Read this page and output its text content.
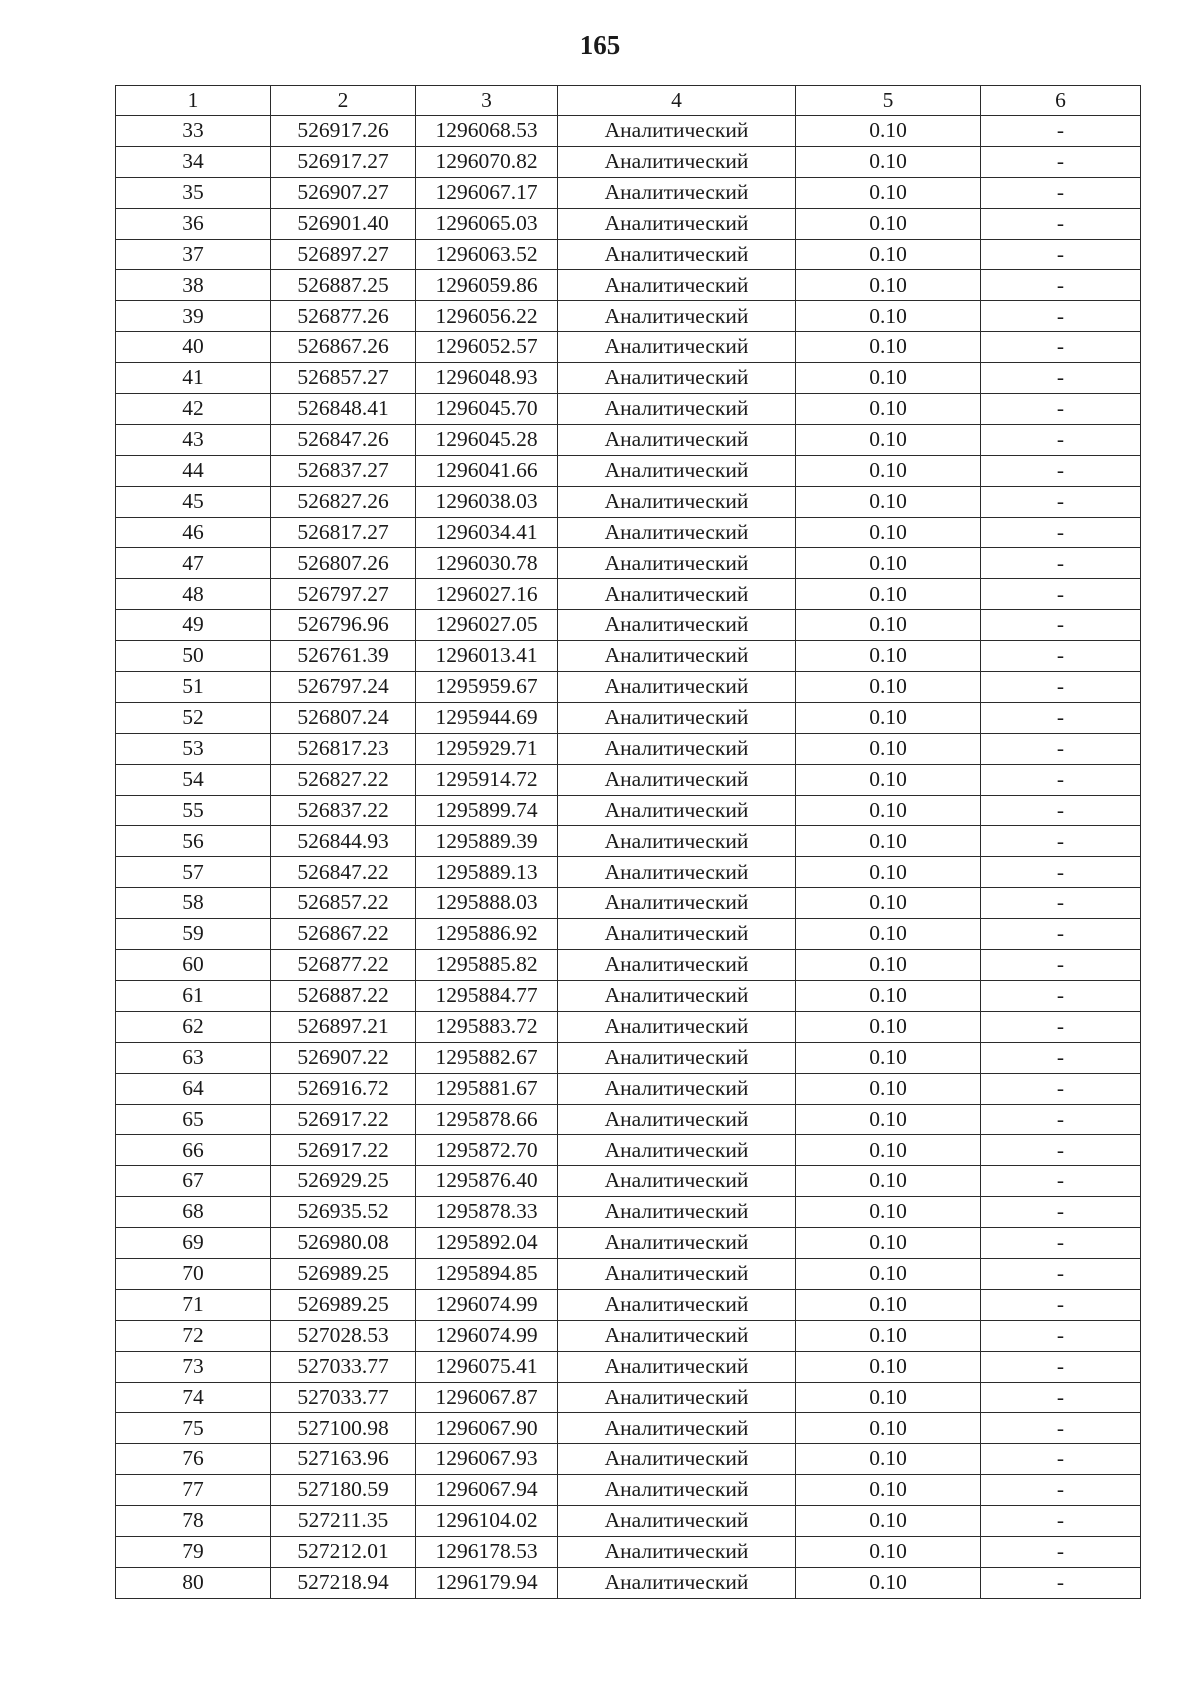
165
1	2	3	4	5	6
33	526917.26	1296068.53	Аналитический	0.10	-
34	526917.27	1296070.82	Аналитический	0.10	-
35	526907.27	1296067.17	Аналитический	0.10	-
36	526901.40	1296065.03	Аналитический	0.10	-
37	526897.27	1296063.52	Аналитический	0.10	-
38	526887.25	1296059.86	Аналитический	0.10	-
39	526877.26	1296056.22	Аналитический	0.10	-
40	526867.26	1296052.57	Аналитический	0.10	-
41	526857.27	1296048.93	Аналитический	0.10	-
42	526848.41	1296045.70	Аналитический	0.10	-
43	526847.26	1296045.28	Аналитический	0.10	-
44	526837.27	1296041.66	Аналитический	0.10	-
45	526827.26	1296038.03	Аналитический	0.10	-
46	526817.27	1296034.41	Аналитический	0.10	-
47	526807.26	1296030.78	Аналитический	0.10	-
48	526797.27	1296027.16	Аналитический	0.10	-
49	526796.96	1296027.05	Аналитический	0.10	-
50	526761.39	1296013.41	Аналитический	0.10	-
51	526797.24	1295959.67	Аналитический	0.10	-
52	526807.24	1295944.69	Аналитический	0.10	-
53	526817.23	1295929.71	Аналитический	0.10	-
54	526827.22	1295914.72	Аналитический	0.10	-
55	526837.22	1295899.74	Аналитический	0.10	-
56	526844.93	1295889.39	Аналитический	0.10	-
57	526847.22	1295889.13	Аналитический	0.10	-
58	526857.22	1295888.03	Аналитический	0.10	-
59	526867.22	1295886.92	Аналитический	0.10	-
60	526877.22	1295885.82	Аналитический	0.10	-
61	526887.22	1295884.77	Аналитический	0.10	-
62	526897.21	1295883.72	Аналитический	0.10	-
63	526907.22	1295882.67	Аналитический	0.10	-
64	526916.72	1295881.67	Аналитический	0.10	-
65	526917.22	1295878.66	Аналитический	0.10	-
66	526917.22	1295872.70	Аналитический	0.10	-
67	526929.25	1295876.40	Аналитический	0.10	-
68	526935.52	1295878.33	Аналитический	0.10	-
69	526980.08	1295892.04	Аналитический	0.10	-
70	526989.25	1295894.85	Аналитический	0.10	-
71	526989.25	1296074.99	Аналитический	0.10	-
72	527028.53	1296074.99	Аналитический	0.10	-
73	527033.77	1296075.41	Аналитический	0.10	-
74	527033.77	1296067.87	Аналитический	0.10	-
75	527100.98	1296067.90	Аналитический	0.10	-
76	527163.96	1296067.93	Аналитический	0.10	-
77	527180.59	1296067.94	Аналитический	0.10	-
78	527211.35	1296104.02	Аналитический	0.10	-
79	527212.01	1296178.53	Аналитический	0.10	-
80	527218.94	1296179.94	Аналитический	0.10	-
